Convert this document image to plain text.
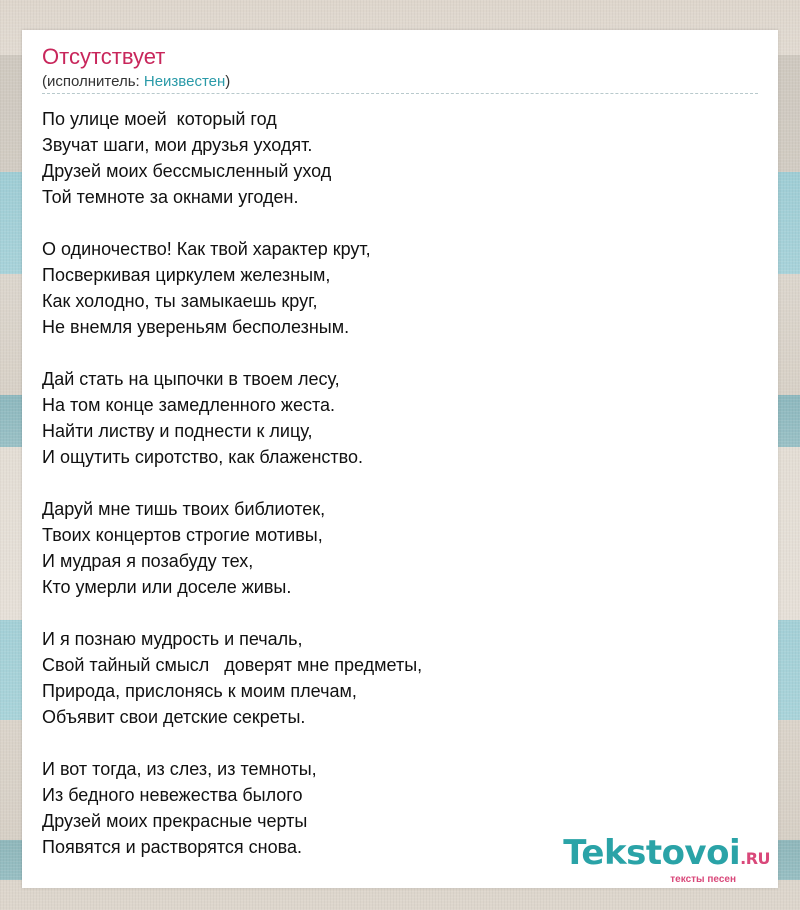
Отсутствует
(исполнитель: Неизвестен)
По улице моей  который год
Звучат шаги, мои друзья уходят.
Друзей моих бессмысленный уход
Той темноте за окнами угоден.
О одиночество! Как твой характер крут,
Посверкивая циркулем железным,
Как холодно, ты замыкаешь круг,
Не внемля увереньям бесполезным.
Дай стать на цыпочки в твоем лесу,
На том конце замедленного жеста.
Найти листву и поднести к лицу,
И ощутить сиротство, как блаженство.
Даруй мне тишь твоих библиотек,
Твоих концертов строгие мотивы,
И мудрая я позабуду тех,
Кто умерли или доселе живы.
И я познаю мудрость и печаль,
Свой тайный смысл   доверят мне предметы,
Природа, прислонясь к моим плечам,
Объявит свои детские секреты.
И вот тогда, из слез, из темноты,
Из бедного невежества былого
Друзей моих прекрасные черты
Появятся и растворятся снова.	Tekstovoi.RU
тексты песен
